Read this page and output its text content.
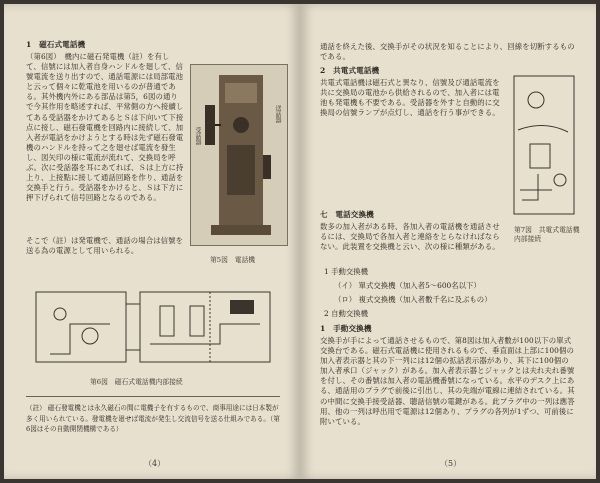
1　磁石式電話機
（第6図）　機内に磁石発電機（註）を有して、信號には加入者自身ハンドルを廻して、信號電流を送り出すので、通話電源には局部電池と云って個々に乾電池を用いるのが普通である。其外機内外にある部品は第5，6図の通りで今其作用を略述すれば、平常側の方へ接續してある受話器をかけてあるとＳは下向いて下接点に接し、磁石發電機を回路内に接続して、加入者が電話をかけようとする時は先ず磁石發電機のハンドルを持って之を廻せば電流を發生し、図矢印の様に電流が流れて、交換局を呼ぶ。次に受話器を耳にあてれば、Ｓは上方に持上り、上接點に接して通話回路を作り、通話を交換手と行う。受話器をかけると、Ｓは下方に押下げられて信号回路となるのである。
受話器
送話器
第5図　電話機
そこで（註）は発電機で、通話の場合は信號を送る為の電源として用いられる。
第6図　磁石式電話機内部接続
（註） 磁石發電機とは永久磁石の間に電機子を有するもので、商事用途には日本製が多く用いられている。發電機を廻せば電流が発生し交流信号を送る仕組みである。（第6図はその自動開閉機構である）
（4）
通話を終えた後、交換手がその状況を知ることにより、回線を切断するものである。
2　共電式電話機
共電式電話機は磁石式と異なり、信號及び通話電流を共に交換局の電池から供給されるので、加入者には電池も発電機も不要である。受話器を外すと自動的に交換局の信號ランプが点灯し、通話を行う事ができる。
第7図　共電式電話機内部接続
七　電話交換機
数多の加入者がある時、各加入者の電話機を通話させるには、交換局で各加入者と連絡をとらなければならない。此装置を交換機と云い、次の様に種類がある。
1 手動交換機
（イ） 單式交換機（加入者5〜600名以下）
（ロ） 複式交換機（加入者數千名に及ぶもの）
2 自動交換機
1　手動交換機
交換手が手によって通話させるもので、第8図は加入者數が100以下の單式交換台である。磁石式電話機に使用されるもので、垂直面は上部に100個の加入者表示器と其の下一列には12個の拡話表示器があり、其下に100個の加入者承口（ジャック）がある。加入者表示器とジャックとは夫れ夫れ番號を付し、その番號は加入者の電話機番號になっている。水平のデスク上にある、通話用のプラグで前後に引出し、其の先端が電線に連結されている。其の中間に交換手接受話器、聴話信號の電鍵がある。此プラグ中の一列は應答用、他の一列は呼出用で電源は12個あり、プラグの各列が1ずつ、可前後に附いている。
（5）
